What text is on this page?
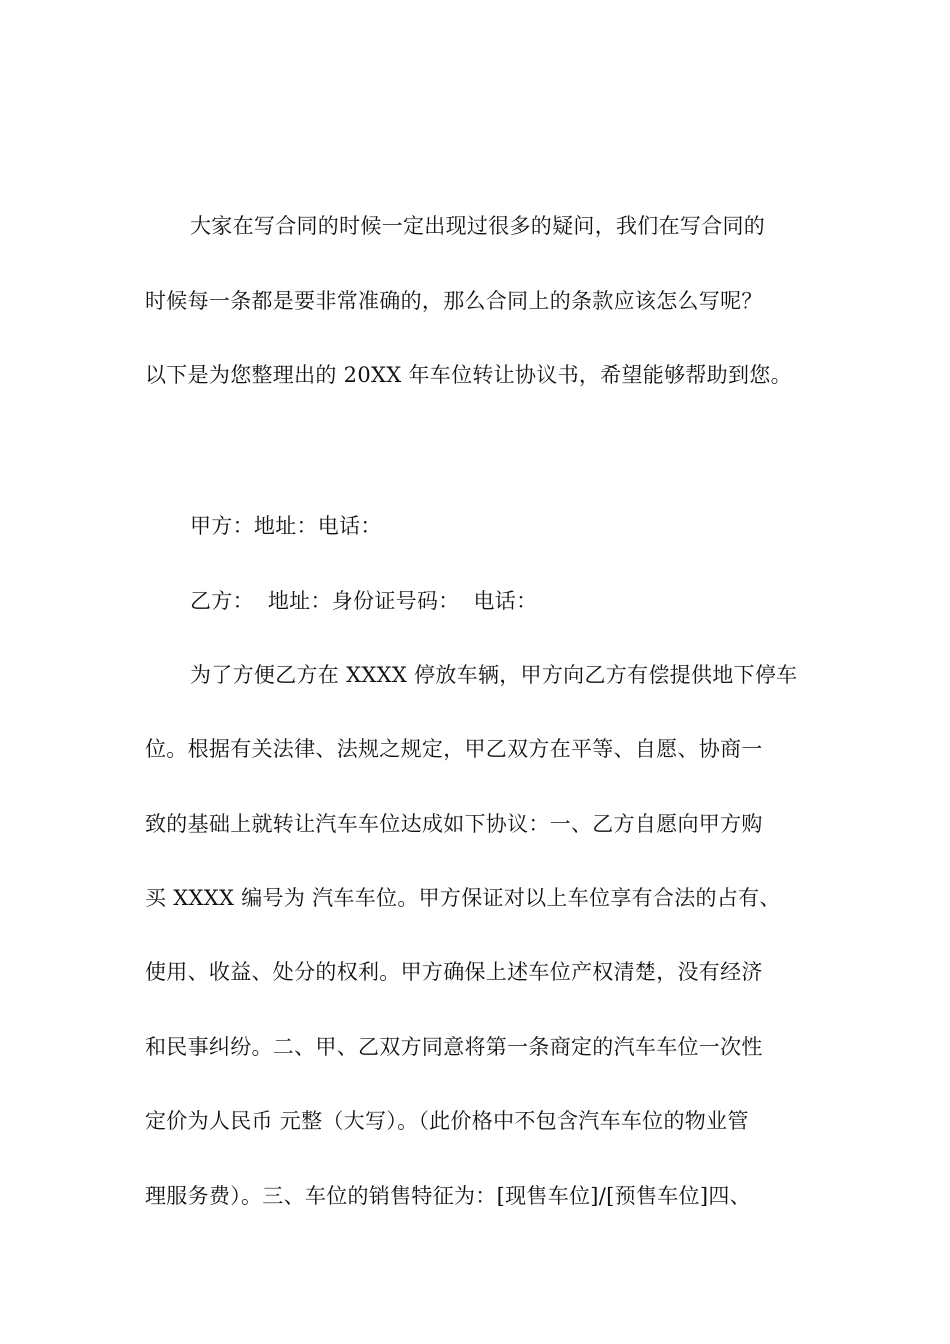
大家在写合同的时候一定出现过很多的疑问，我们在写合同的
时候每一条都是要非常准确的，那么合同上的条款应该怎么写呢？
以下是为您整理出的 20XX 年车位转让协议书，希望能够帮助到您。
甲方：地址：电话：
乙方：  地址：身份证号码：  电话：
为了方便乙方在 XXXX 停放车辆，甲方向乙方有偿提供地下停车
位。根据有关法律、法规之规定，甲乙双方在平等、自愿、协商一
致的基础上就转让汽车车位达成如下协议：一、乙方自愿向甲方购
买 XXXX 编号为 汽车车位。甲方保证对以上车位享有合法的占有、
使用、收益、处分的权利。甲方确保上述车位产权清楚，没有经济
和民事纠纷。二、甲、乙双方同意将第一条商定的汽车车位一次性
定价为人民币 元整（大写）。（此价格中不包含汽车车位的物业管
理服务费）。三、车位的销售特征为：[现售车位]/[预售车位]四、
